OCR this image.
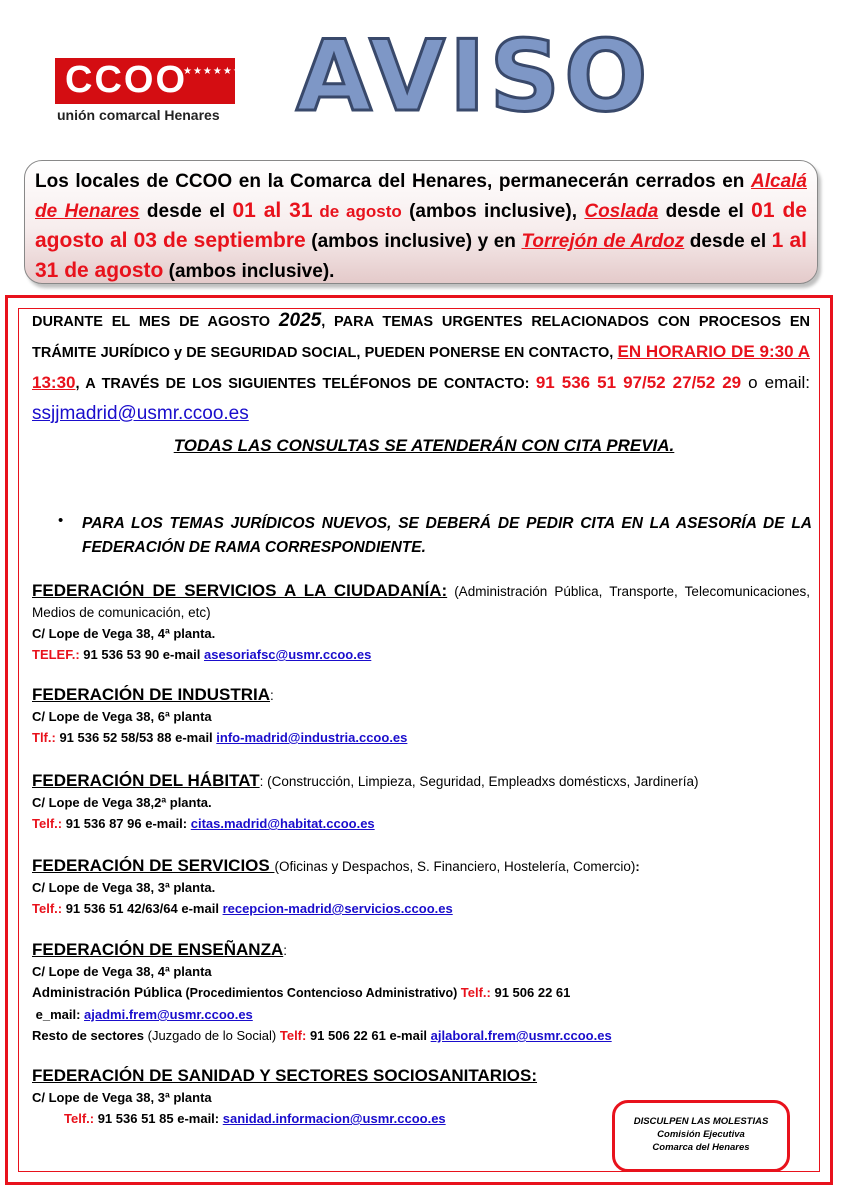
CCOO
★★★★★★★
unión comarcal Henares AVISO
Los locales de CCOO en la Comarca del Henares, permanecerán cerrados en Alcalá de Henares desde el 01 al 31 de agosto (ambos inclusive), Coslada desde el 01 de agosto al 03 de septiembre (ambos inclusive) y en Torrejón de Ardoz desde el 1 al 31 de agosto (ambos inclusive).
DURANTE EL MES DE AGOSTO 2025, PARA TEMAS URGENTES RELACIONADOS CON PROCESOS EN TRÁMITE JURÍDICO y DE SEGURIDAD SOCIAL, PUEDEN PONERSE EN CONTACTO, EN HORARIO DE 9:30 A 13:30, A TRAVÉS DE LOS SIGUIENTES TELÉFONOS DE CONTACTO: 91 536 51 97/52 27/52 29 o email: ssjjmadrid@usmr.ccoo.es
TODAS LAS CONSULTAS SE ATENDERÁN CON CITA PREVIA.
• PARA LOS TEMAS JURÍDICOS NUEVOS, SE DEBERÁ DE PEDIR CITA EN LA ASESORÍA DE LA FEDERACIÓN DE RAMA CORRESPONDIENTE.
FEDERACIÓN DE SERVICIOS A LA CIUDADANÍA: (Administración Pública, Transporte, Telecomunicaciones, Medios de comunicación, etc)
C/ Lope de Vega 38, 4ª planta.
TELEF.: 91 536 53 90 e-mail asesoriafsc@usmr.ccoo.es
FEDERACIÓN DE INDUSTRIA:
C/ Lope de Vega 38, 6ª planta
Tlf.: 91 536 52 58/53 88 e-mail info-madrid@industria.ccoo.es
FEDERACIÓN DEL HÁBITAT: (Construcción, Limpieza, Seguridad, Empleadxs domésticxs, Jardinería)
C/ Lope de Vega 38,2ª planta.
Telf.: 91 536 87 96 e-mail: citas.madrid@habitat.ccoo.es
FEDERACIÓN DE SERVICIOS (Oficinas y Despachos, S. Financiero, Hostelería, Comercio):
C/ Lope de Vega 38, 3ª planta.
Telf.: 91 536 51 42/63/64 e-mail recepcion-madrid@servicios.ccoo.es
FEDERACIÓN DE ENSEÑANZA:
C/ Lope de Vega 38, 4ª planta
Administración Pública (Procedimientos Contencioso Administrativo) Telf.: 91 506 22 61
e_mail: ajadmi.frem@usmr.ccoo.es
Resto de sectores (Juzgado de lo Social) Telf: 91 506 22 61 e-mail ajlaboral.frem@usmr.ccoo.es
FEDERACIÓN DE SANIDAD Y SECTORES SOCIOSANITARIOS:
C/ Lope de Vega 38, 3ª planta
Telf.: 91 536 51 85 e-mail: sanidad.informacion@usmr.ccoo.es	DISCULPEN LAS MOLESTIAS
Comisión Ejecutiva
Comarca del Henares
